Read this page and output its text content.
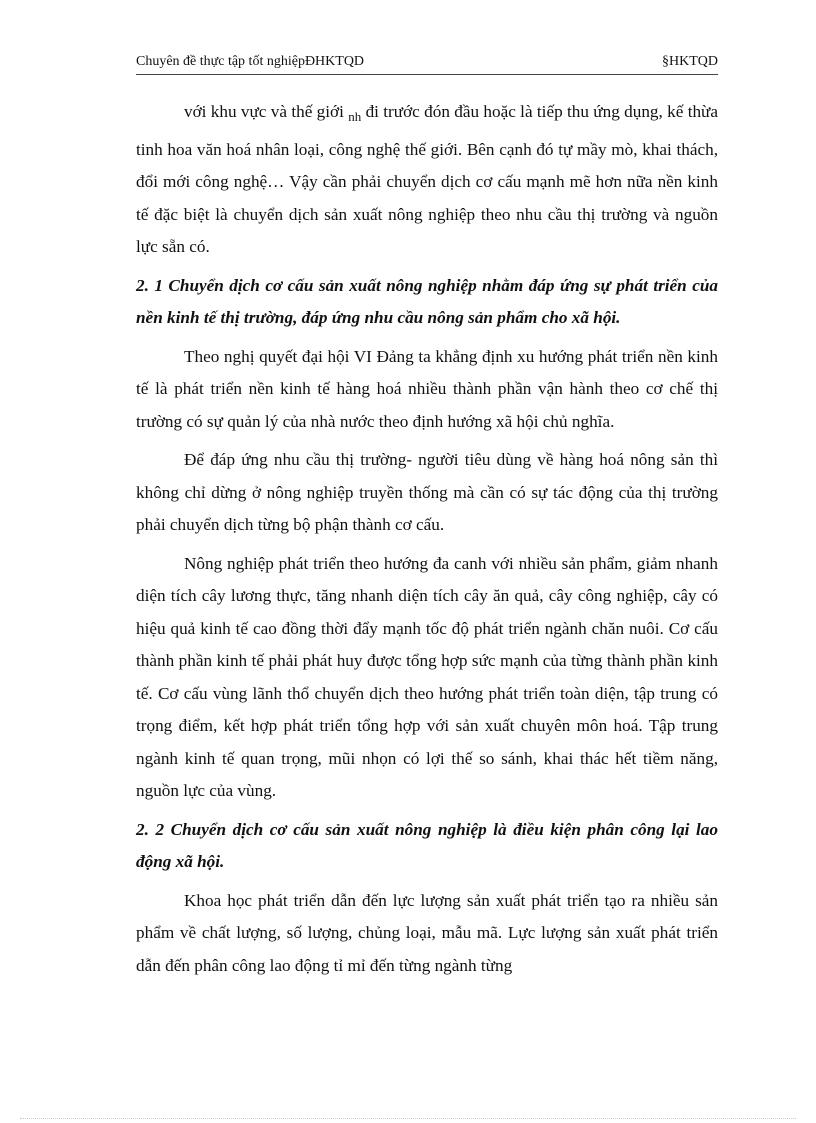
Chuyên đề thực tập tốt nghiệpĐHKTQD	§HKTQD

với khu vực và thế giới $_{nh}$ đi trước đón đầu hoặc là tiếp thu ứng dụng, kế thừa tinh hoa văn hoá nhân loại, công nghệ thế giới. Bên cạnh đó tự mầy mò, khai thách, đổi mới công nghệ… Vậy cần phải chuyển dịch cơ cấu mạnh mẽ hơn nữa nền kinh tế đặc biệt là chuyển dịch sản xuất nông nghiệp theo nhu cầu thị trường và nguồn lực sẵn có.

2. 1 Chuyển dịch cơ cấu sản xuất nông nghiệp nhằm đáp ứng sự phát triển của nền kinh tế thị trường, đáp ứng nhu cầu nông sản phẩm cho xã hội.

Theo nghị quyết đại hội VI Đảng ta khẳng định xu hướng phát triển nền kinh tế là phát triển nền kinh tế hàng hoá nhiều thành phần vận hành theo cơ chế thị trường có sự quản lý của nhà nước theo định hướng xã hội chủ nghĩa.

Để đáp ứng nhu cầu thị trường- người tiêu dùng về hàng hoá nông sản thì không chỉ dừng ở nông nghiệp truyền thống mà cần có sự tác động của thị trường phải chuyển dịch từng bộ phận thành cơ cấu.

Nông nghiệp phát triển theo hướng đa canh với nhiều sản phẩm, giảm nhanh diện tích cây lương thực, tăng nhanh diện tích cây ăn quả, cây công nghiệp, cây có hiệu quả kinh tế cao đồng thời đẩy mạnh tốc độ phát triển ngành chăn nuôi. Cơ cấu thành phần kinh tế phải phát huy được tổng hợp sức mạnh của từng thành phần kinh tế. Cơ cấu vùng lãnh thổ chuyển dịch theo hướng phát triển toàn diện, tập trung có trọng điểm, kết hợp phát triển tổng hợp với sản xuất chuyên môn hoá. Tập trung ngành kinh tế quan trọng, mũi nhọn có lợi thế so sánh, khai thác hết tiềm năng, nguồn lực của vùng.

2. 2 Chuyển dịch cơ cấu sản xuất nông nghiệp là điều kiện phân công lại lao động xã hội.

Khoa học phát triển dẫn đến lực lượng sản xuất phát triển tạo ra nhiều sản phẩm về chất lượng, số lượng, chủng loại, mẫu mã. Lực lượng sản xuất phát triển dẫn đến phân công lao động tỉ mỉ đến từng ngành từng
